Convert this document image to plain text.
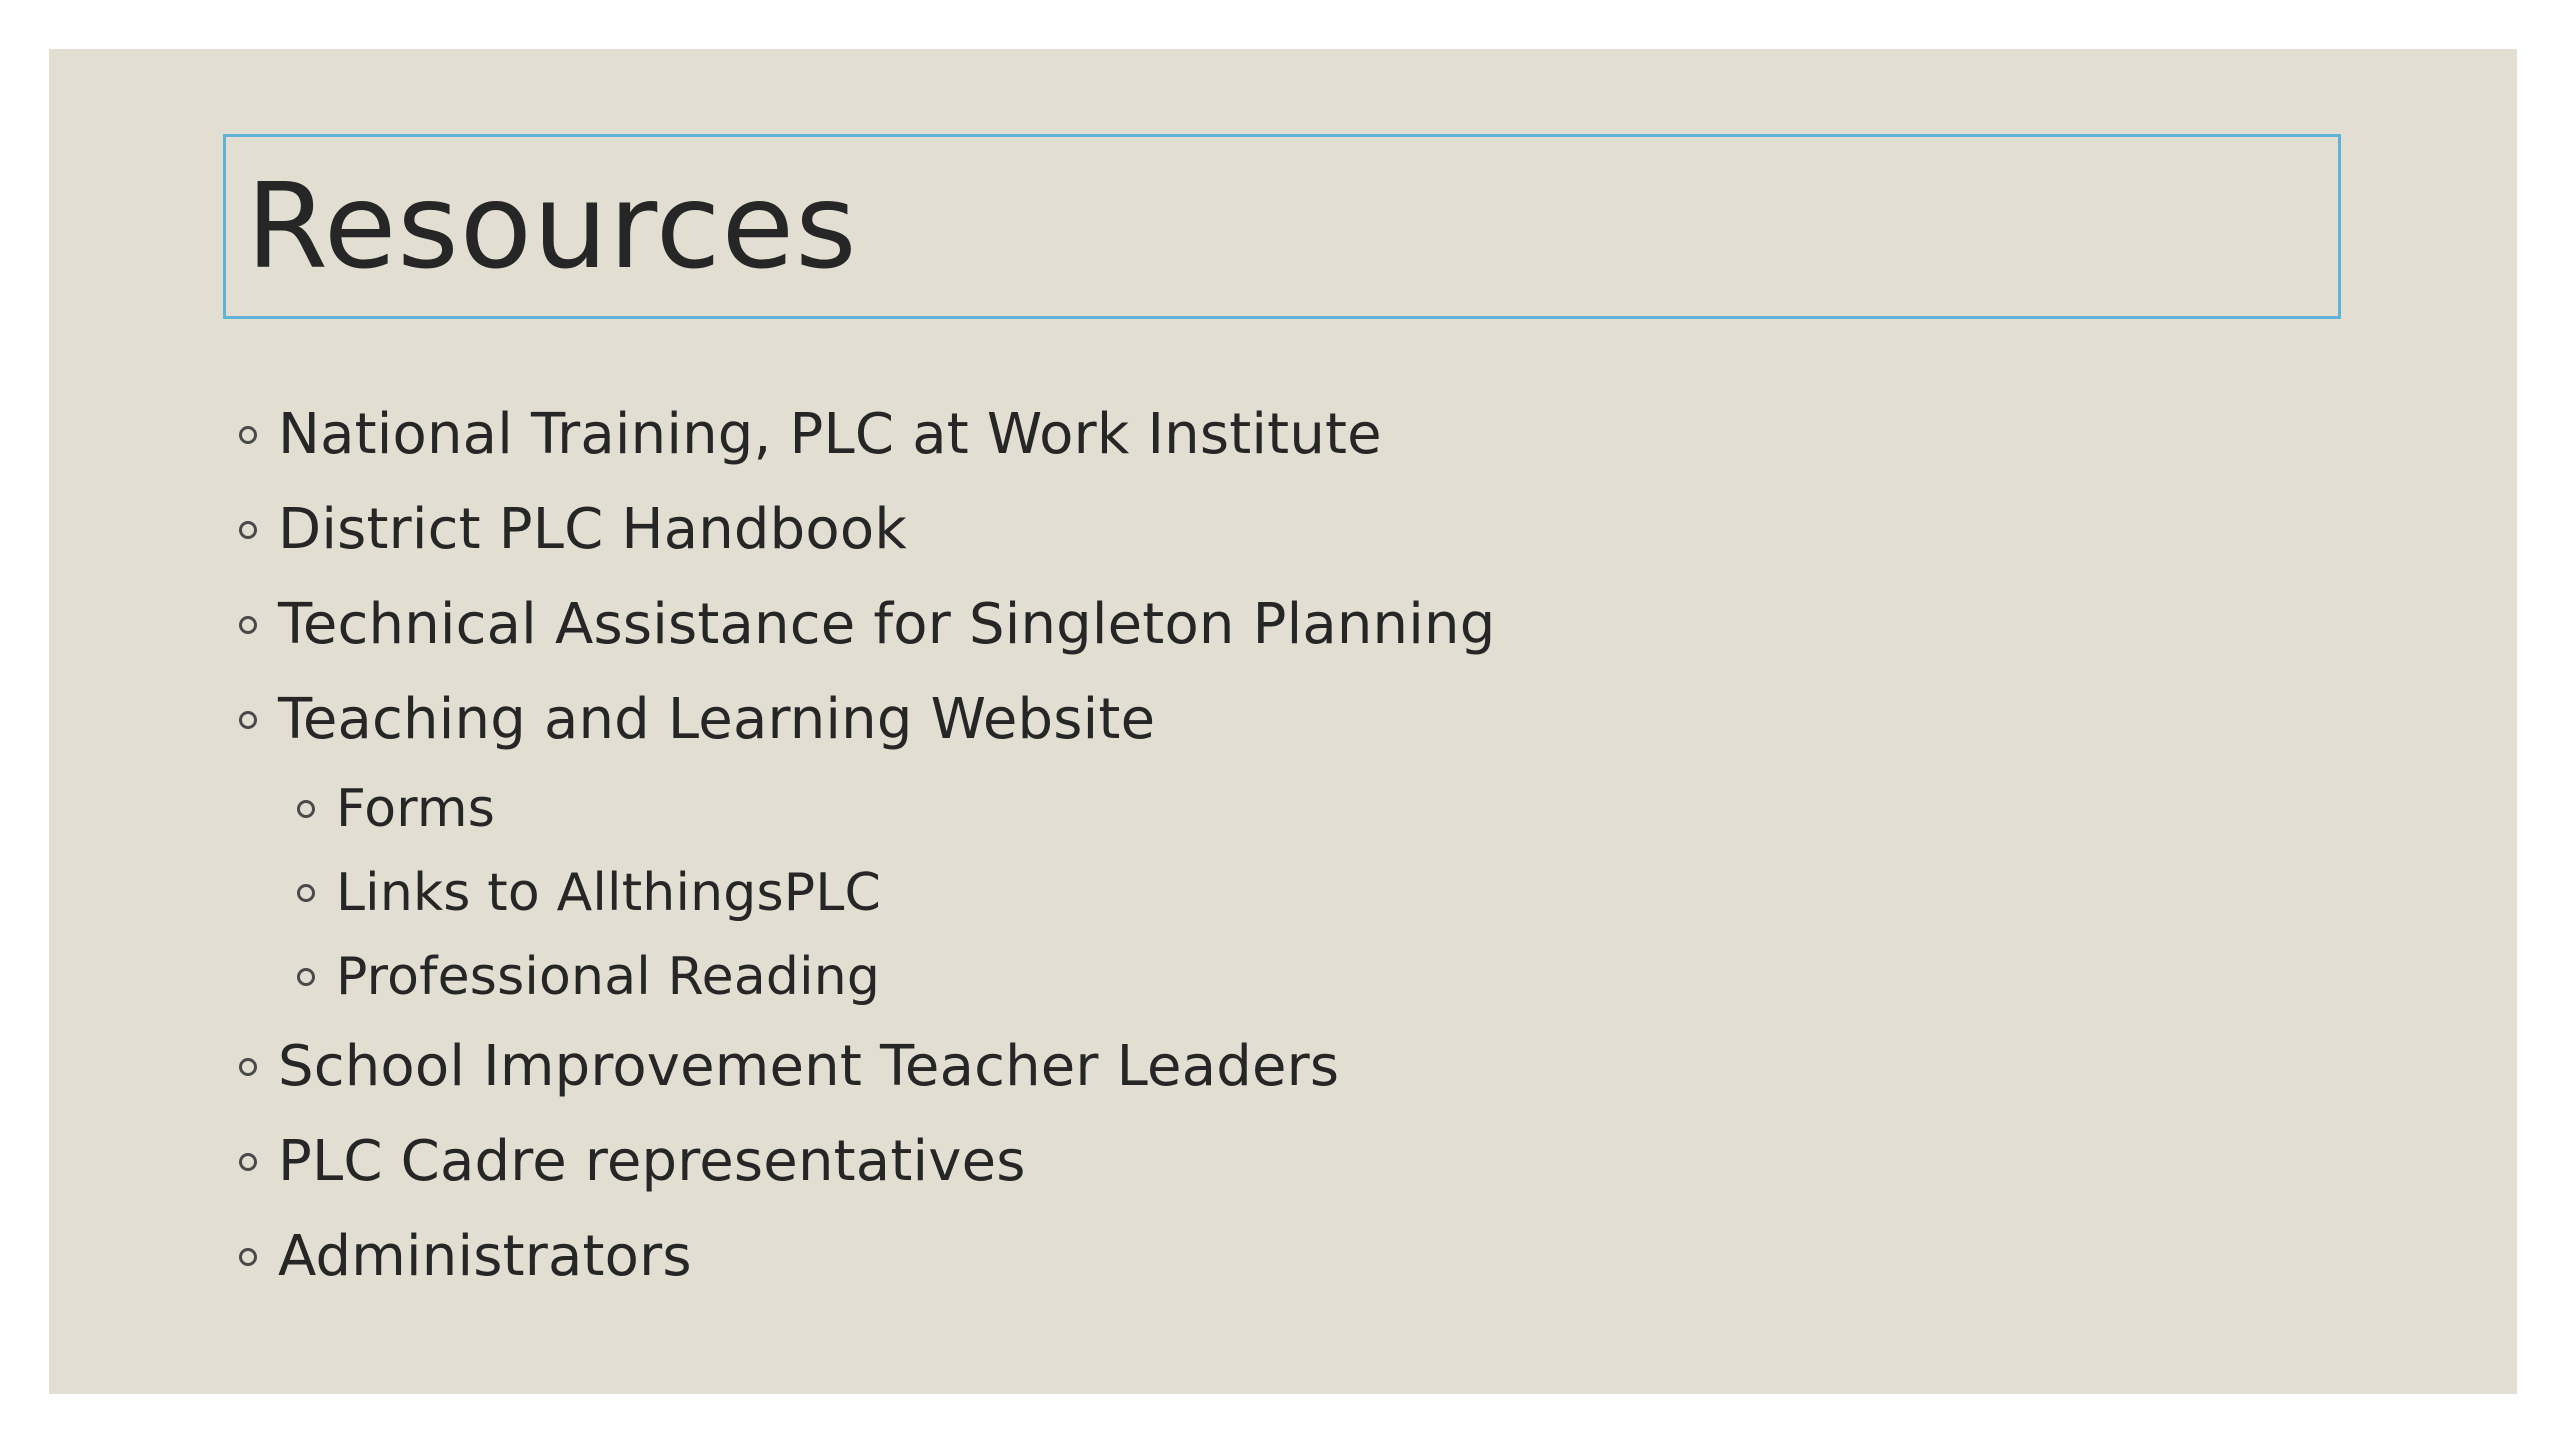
Resources
National Training, PLC at Work Institute
District PLC Handbook
Technical Assistance for Singleton Planning
Teaching and Learning Website
Forms
Links to AllthingsPLC
Professional Reading
School Improvement Teacher Leaders
PLC Cadre representatives
Administrators
